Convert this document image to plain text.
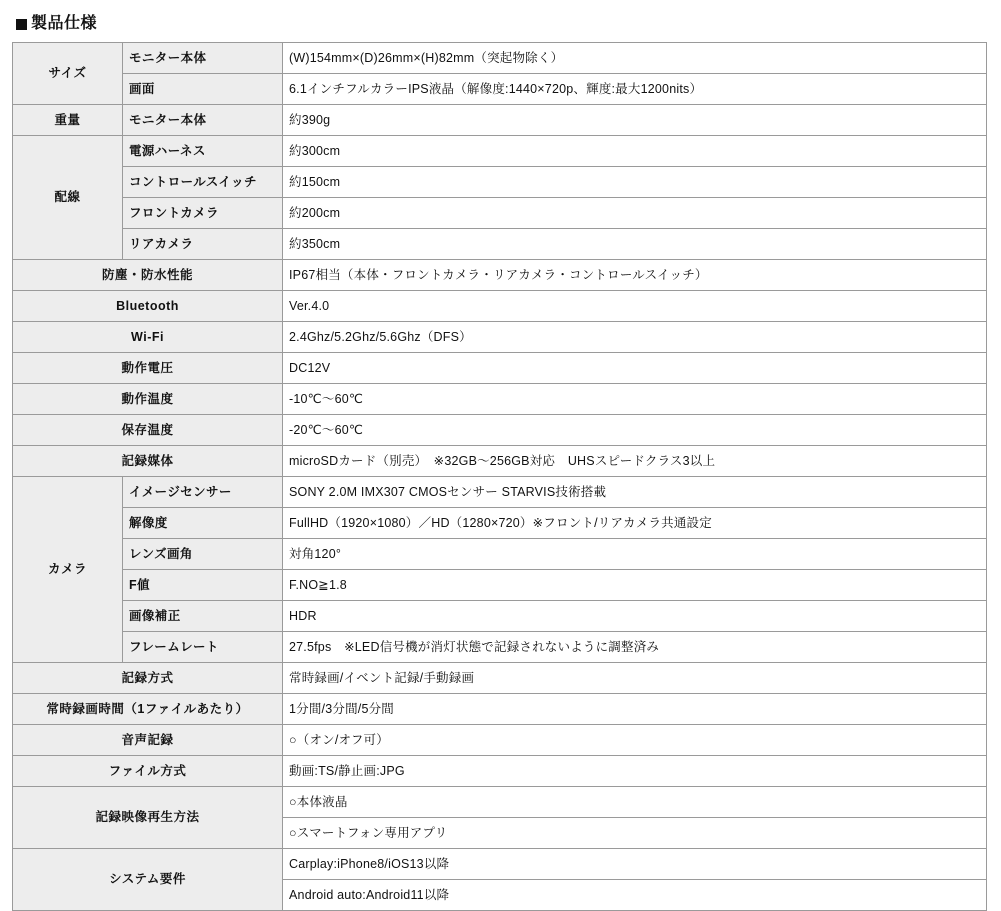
製品仕様
サイズ	モニター本体	(W)154mm×(D)26mm×(H)82mm（突起物除く）
	画面	6.1インチフルカラーIPS液晶（解像度:1440×720p、輝度:最大1200nits）
重量	モニター本体	約390g
配線	電源ハーネス	約300cm
	コントロールスイッチ	約150cm
	フロントカメラ	約200cm
	リアカメラ	約350cm
防塵・防水性能		IP67相当（本体・フロントカメラ・リアカメラ・コントロールスイッチ）
Bluetooth		Ver.4.0
Wi-Fi		2.4Ghz/5.2Ghz/5.6Ghz（DFS）
動作電圧		DC12V
動作温度		-10℃〜60℃
保存温度		-20℃〜60℃
記録媒体		microSDカード（別売）　※32GB〜256GB対応　UHSスピードクラス3以上
カメラ	イメージセンサー	SONY 2.0M IMX307 CMOSセンサー STARVIS技術搭載
	解像度	FullHD（1920×1080）／HD（1280×720）※フロント/リアカメラ共通設定
	レンズ画角	対角120°
	F値	F.NO≧1.8
	画像補正	HDR
	フレームレート	27.5fps　※LED信号機が消灯状態で記録されないように調整済み
記録方式		常時録画/イベント記録/手動録画
常時録画時間（1ファイルあたり）		1分間/3分間/5分間
音声記録		○（オン/オフ可）
ファイル方式		動画:TS/静止画:JPG
記録映像再生方法		○本体液晶
		○スマートフォン専用アプリ
システム要件		Carplay:iPhone8/iOS13以降
		Android auto:Android11以降
